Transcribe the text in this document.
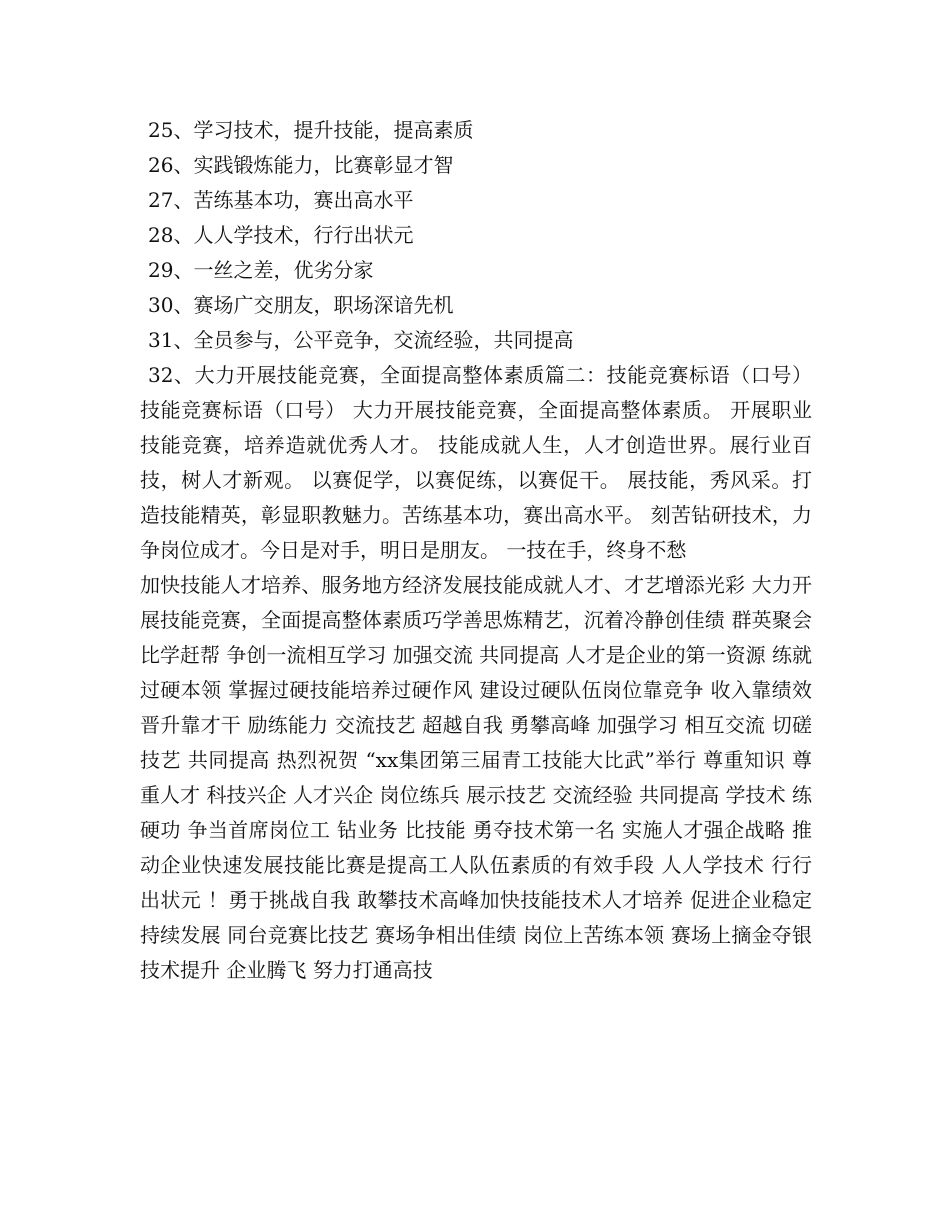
25、学习技术，提升技能，提高素质
26、实践锻炼能力，比赛彰显才智
27、苦练基本功，赛出高水平
28、人人学技术，行行出状元
29、一丝之差，优劣分家
30、赛场广交朋友，职场深谙先机
31、全员参与，公平竞争，交流经验，共同提高

32、大力开展技能竞赛，全面提高整体素质篇二：技能竞赛标语（口号） 技能竞赛标语（口号） 大力开展技能竞赛，全面提高整体素质。 开展职业技能竞赛，培养造就优秀人才。 技能成就人生，人才创造世界。展行业百技，树人才新观。 以赛促学，以赛促练，以赛促干。 展技能，秀风采。打造技能精英，彰显职教魅力。苦练基本功，赛出高水平。 刻苦钻研技术，力争岗位成才。今日是对手，明日是朋友。 一技在手，终身不愁

加快技能人才培养、服务地方经济发展技能成就人才、才艺增添光彩 大力开展技能竞赛，全面提高整体素质巧学善思炼精艺，沉着冷静创佳绩 群英聚会 比学赶帮 争创一流相互学习 加强交流 共同提高 人才是企业的第一资源 练就过硬本领 掌握过硬技能培养过硬作风 建设过硬队伍岗位靠竞争 收入靠绩效 晋升靠才干 励练能力 交流技艺 超越自我 勇攀高峰 加强学习 相互交流 切磋技艺 共同提高 热烈祝贺 “xx集团第三届青工技能大比武”举行 尊重知识 尊重人才 科技兴企 人才兴企 岗位练兵 展示技艺 交流经验 共同提高 学技术 练硬功 争当首席岗位工 钻业务 比技能 勇夺技术第一名 实施人才强企战略 推动企业快速发展技能比赛是提高工人队伍素质的有效手段 人人学技术 行行出状元 ！勇于挑战自我 敢攀技术高峰加快技能技术人才培养 促进企业稳定持续发展 同台竞赛比技艺 赛场争相出佳绩 岗位上苦练本领 赛场上摘金夺银 技术提升 企业腾飞 努力打通高技
